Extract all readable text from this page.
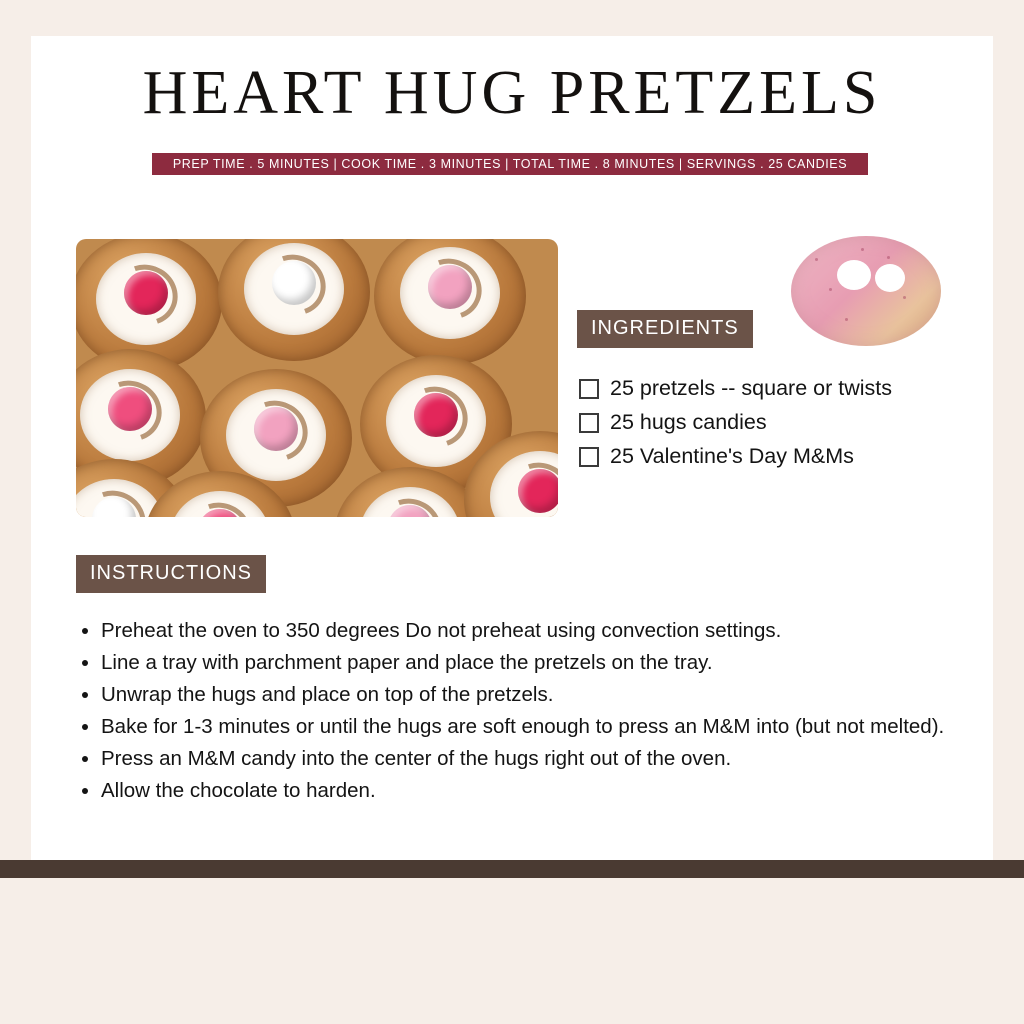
HEART HUG PRETZELS
PREP TIME . 5 MINUTES | COOK TIME . 3 MINUTES | TOTAL TIME . 8 MINUTES | SERVINGS . 25 CANDIES
INGREDIENTS
25 pretzels -- square or twists
25 hugs candies
25 Valentine's Day M&Ms
INSTRUCTIONS
• Preheat the oven to 350 degrees Do not preheat using convection settings.
• Line a tray with parchment paper and place the pretzels on the tray.
• Unwrap the hugs and place on top of the pretzels.
• Bake for 1-3 minutes or until the hugs are soft enough to press an M&M into (but not melted).
• Press an M&M candy into the center of the hugs right out of the oven.
• Allow the chocolate to harden.
